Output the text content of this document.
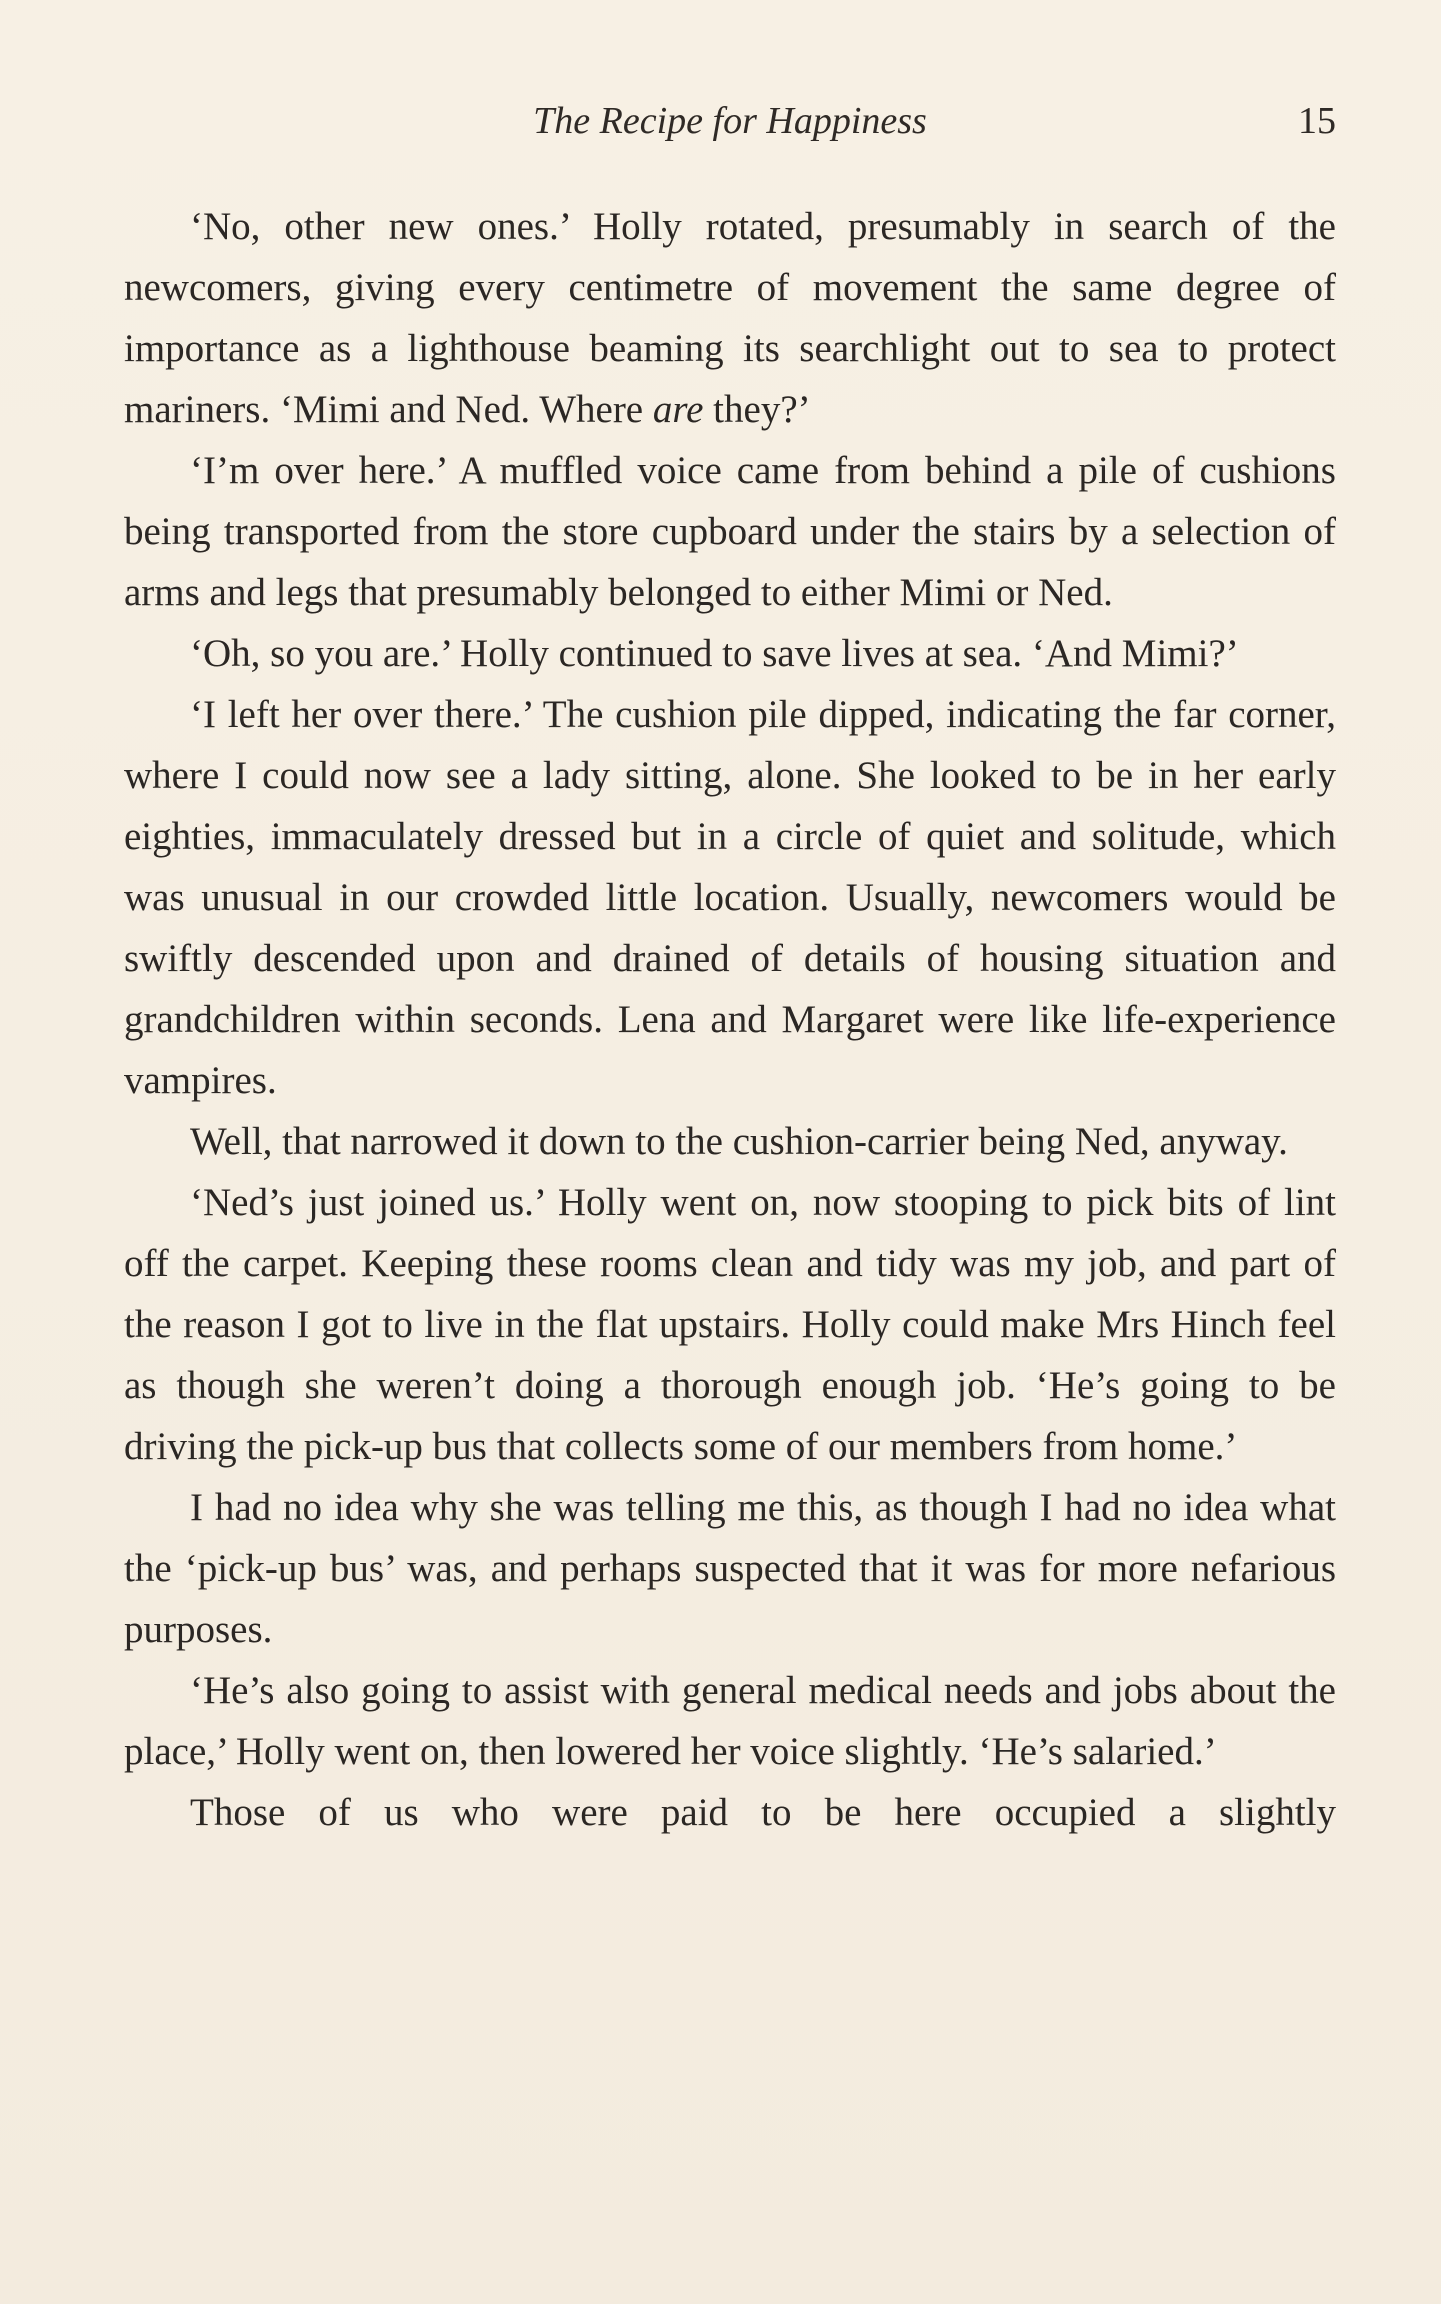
The Recipe for Happiness	15

‘No, other new ones.’ Holly rotated, presumably in search of the newcomers, giving every centimetre of movement the same degree of importance as a lighthouse beaming its searchlight out to sea to protect mariners. ‘Mimi and Ned. Where are they?’

‘I’m over here.’ A muffled voice came from behind a pile of cushions being transported from the store cupboard under the stairs by a selection of arms and legs that presumably belonged to either Mimi or Ned.

‘Oh, so you are.’ Holly continued to save lives at sea. ‘And Mimi?’

‘I left her over there.’ The cushion pile dipped, indicating the far corner, where I could now see a lady sitting, alone. She looked to be in her early eighties, immaculately dressed but in a circle of quiet and solitude, which was unusual in our crowded little location. Usually, newcomers would be swiftly descended upon and drained of details of housing situation and grandchildren within seconds. Lena and Margaret were like life-experience vampires.

Well, that narrowed it down to the cushion-carrier being Ned, anyway.

‘Ned’s just joined us.’ Holly went on, now stooping to pick bits of lint off the carpet. Keeping these rooms clean and tidy was my job, and part of the reason I got to live in the flat upstairs. Holly could make Mrs Hinch feel as though she weren’t doing a thorough enough job. ‘He’s going to be driving the pick-up bus that collects some of our members from home.’

I had no idea why she was telling me this, as though I had no idea what the ‘pick-up bus’ was, and perhaps suspected that it was for more nefarious purposes.

‘He’s also going to assist with general medical needs and jobs about the place,’ Holly went on, then lowered her voice slightly. ‘He’s salaried.’

Those of us who were paid to be here occupied a slightly
